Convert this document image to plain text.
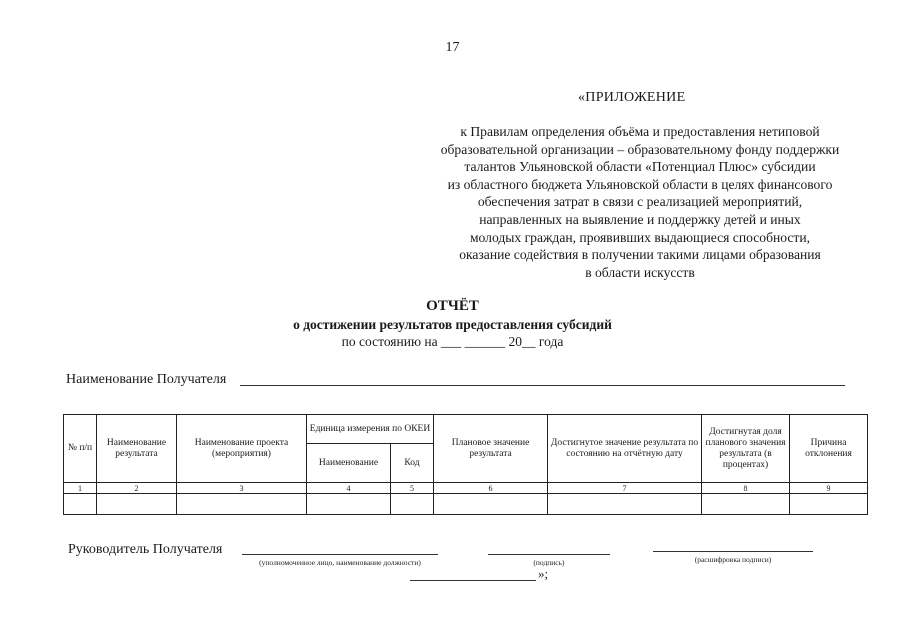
17
«ПРИЛОЖЕНИЕ
к Правилам определения объёма и предоставления нетиповой
образовательной организации – образовательному фонду поддержки
талантов Ульяновской области «Потенциал Плюс» субсидии
из областного бюджета Ульяновской области в целях финансового
обеспечения затрат в связи с реализацией мероприятий,
направленных на выявление и поддержку детей и иных
молодых граждан, проявивших выдающиеся способности,
оказание содействия в получении такими лицами образования
в области искусств
ОТЧЁТ
о достижении результатов предоставления субсидий
по состоянию на ___ ______ 20__ года
Наименование Получателя
№ п/п	Наименование результата	Наименование проекта (мероприятия)	Единица измерения по ОКЕИ		Плановое значение результата	Достигнутое значение результата по состоянию на отчётную дату	Достигнутая доля планового значения результата (в процентах)	Причина отклонения
			Наименование	Код				
1	2	3	4	5	6	7	8	9

Руководитель Получателя
(уполномоченное лицо, наименование должности)	(подпись)	(расшифровка подписи)
»;
